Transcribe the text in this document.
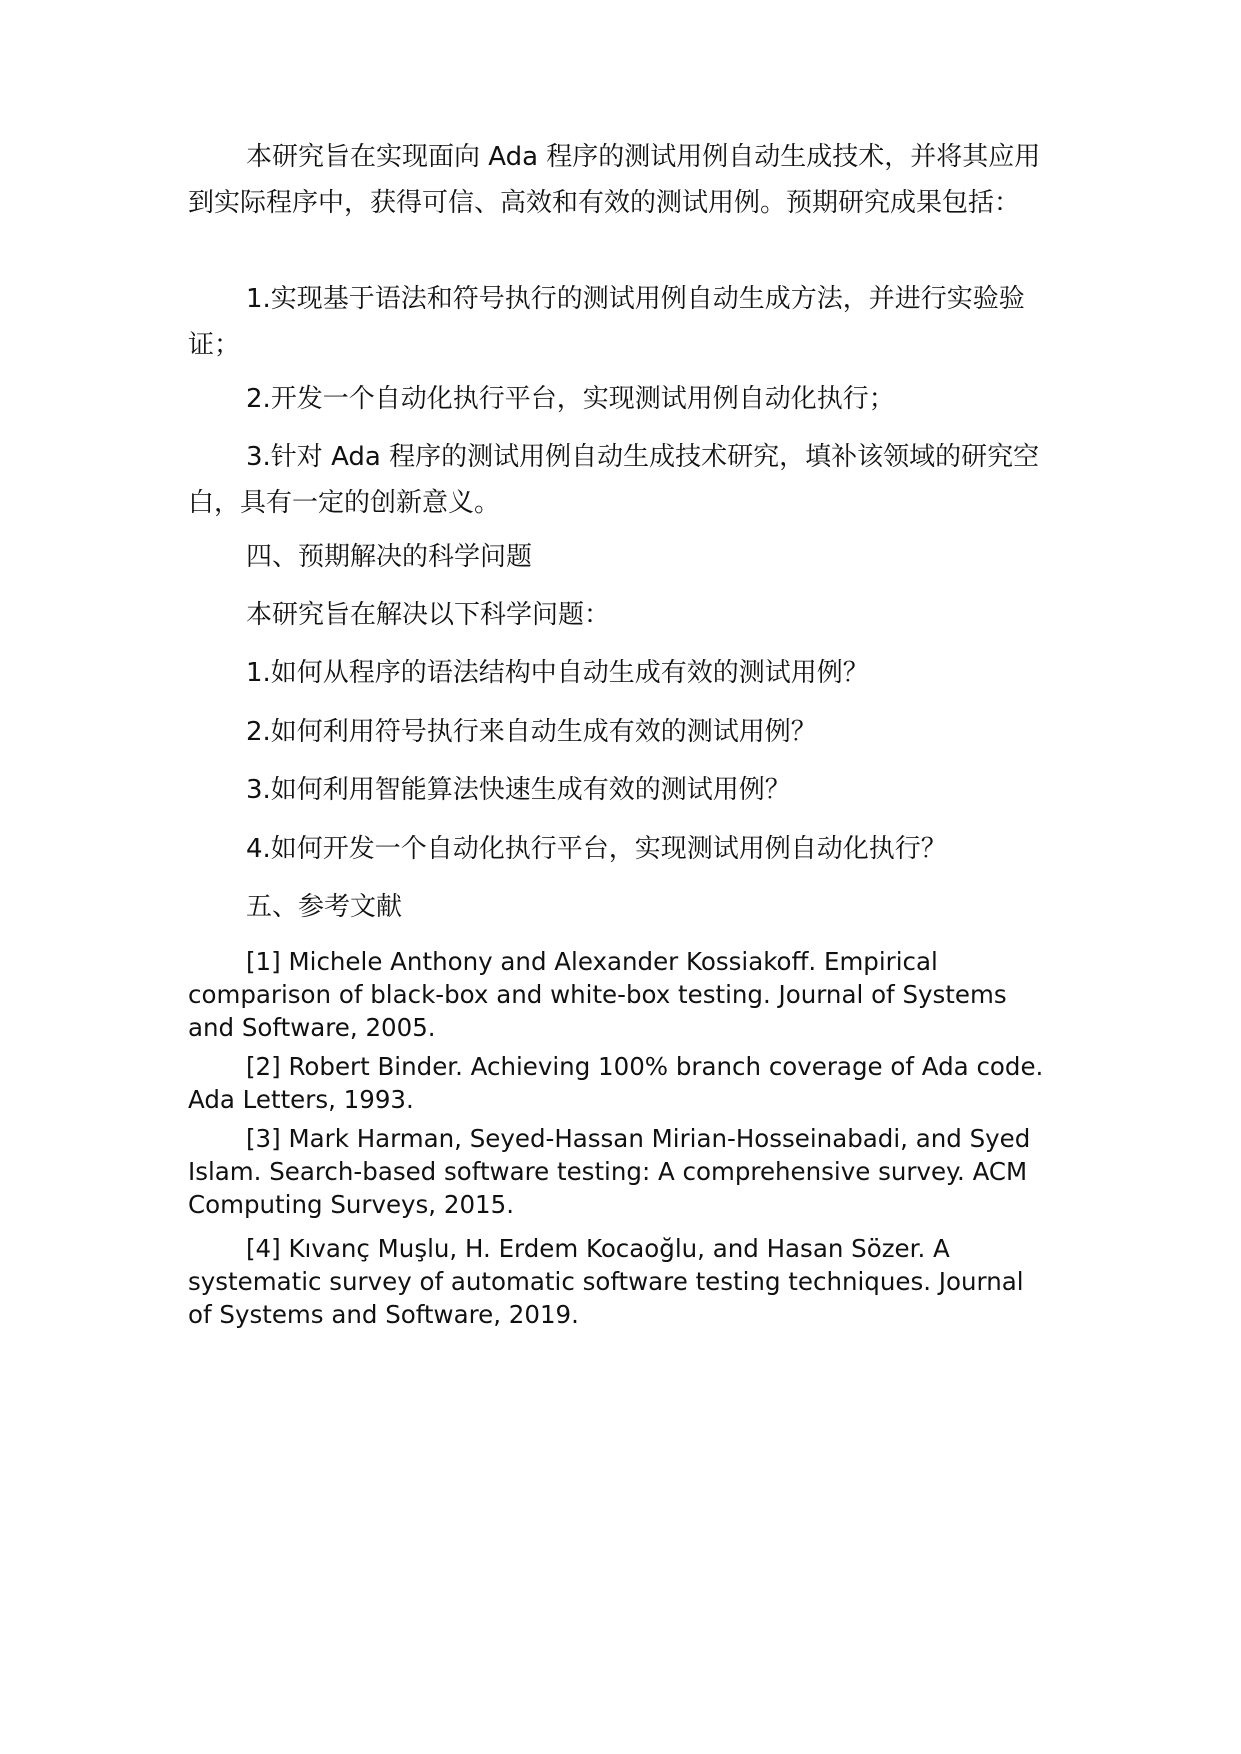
本研究旨在实现面向 Ada 程序的测试用例自动生成技术，并将其应用到实际程序中，获得可信、高效和有效的测试用例。预期研究成果包括：

1.实现基于语法和符号执行的测试用例自动生成方法，并进行实验验证；

2.开发一个自动化执行平台，实现测试用例自动化执行；

3.针对 Ada 程序的测试用例自动生成技术研究，填补该领域的研究空白，具有一定的创新意义。

四、预期解决的科学问题

本研究旨在解决以下科学问题：

1.如何从程序的语法结构中自动生成有效的测试用例？

2.如何利用符号执行来自动生成有效的测试用例？

3.如何利用智能算法快速生成有效的测试用例？

4.如何开发一个自动化执行平台，实现测试用例自动化执行？

五、参考文献

[1] Michele Anthony and Alexander Kossiakoff. Empirical comparison of black-box and white-box testing. Journal of Systems and Software, 2005.

[2] Robert Binder. Achieving 100% branch coverage of Ada code. Ada Letters, 1993.

[3] Mark Harman, Seyed-Hassan Mirian-Hosseinabadi, and Syed Islam. Search-based software testing: A comprehensive survey. ACM Computing Surveys, 2015.

[4] Kıvanç Muşlu, H. Erdem Kocaoğlu, and Hasan Sözer. A systematic survey of automatic software testing techniques. Journal of Systems and Software, 2019.
